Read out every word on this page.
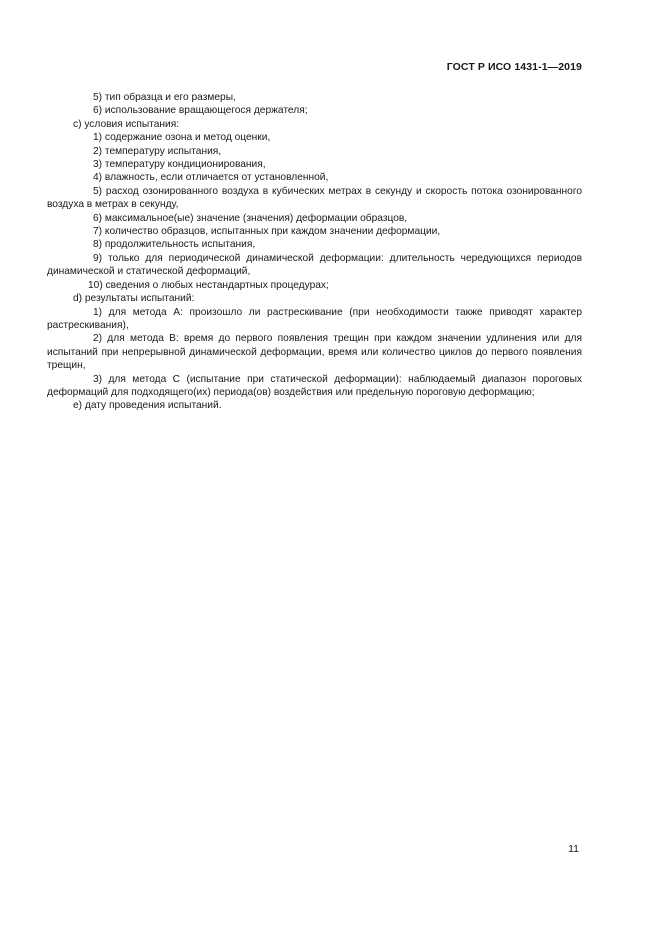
ГОСТ Р ИСО 1431-1—2019

5) тип образца и его размеры,

6) использование вращающегося держателя;

c) условия испытания:

1) содержание озона и метод оценки,

2) температуру испытания,

3) температуру кондиционирования,

4) влажность, если отличается от установленной,

5) расход озонированного воздуха в кубических метрах в секунду и скорость потока озонированного воздуха в метрах в секунду,

6) максимальное(ые) значение (значения) деформации образцов,

7) количество образцов, испытанных при каждом значении деформации,

8) продолжительность испытания,

9) только для периодической динамической деформации: длительность чередующихся периодов динамической и статической деформаций,

10) сведения о любых нестандартных процедурах;

d) результаты испытаний:

1) для метода А: произошло ли растрескивание (при необходимости также приводят характер растрескивания),

2) для метода В: время до первого появления трещин при каждом значении удлинения или для испытаний при непрерывной динамической деформации, время или количество циклов до первого появления трещин,

3) для метода С (испытание при статической деформации): наблюдаемый диапазон пороговых деформаций для подходящего(их) периода(ов) воздействия или предельную пороговую деформацию;

е) дату проведения испытаний.

11
